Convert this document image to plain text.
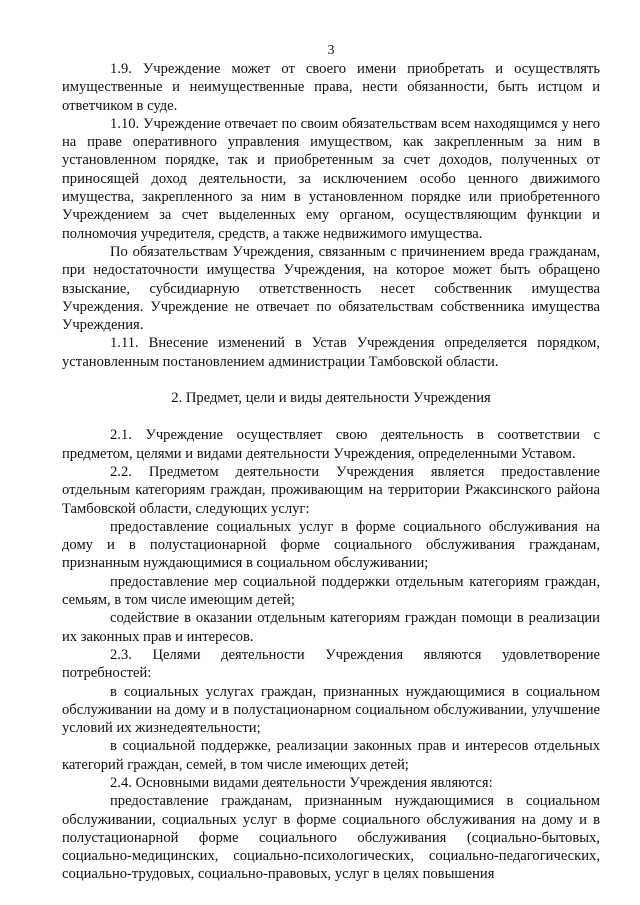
3

1.9. Учреждение может от своего имени приобретать и осуществлять имущественные и неимущественные права, нести обязанности, быть истцом и ответчиком в суде.

1.10. Учреждение отвечает по своим обязательствам всем находящимся у него на праве оперативного управления имуществом, как закрепленным за ним в установленном порядке, так и приобретенным за счет доходов, полученных от приносящей доход деятельности, за исключением особо ценного движимого имущества, закрепленного за ним в установленном порядке или приобретенного Учреждением за счет выделенных ему органом, осуществляющим функции и полномочия учредителя, средств, а также недвижимого имущества.

По обязательствам Учреждения, связанным с причинением вреда гражданам, при недостаточности имущества Учреждения, на которое может быть обращено взыскание, субсидиарную ответственность несет собственник имущества Учреждения. Учреждение не отвечает по обязательствам собственника имущества Учреждения.

1.11. Внесение изменений в Устав Учреждения определяется порядком, установленным постановлением администрации Тамбовской области.

2. Предмет, цели и виды деятельности Учреждения

2.1. Учреждение осуществляет свою деятельность в соответствии с предметом, целями и видами деятельности Учреждения, определенными Уставом.

2.2. Предметом деятельности Учреждения является предоставление отдельным категориям граждан, проживающим на территории Ржаксинского района Тамбовской области, следующих услуг:

предоставление социальных услуг в форме социального обслуживания на дому и в полустационарной форме социального обслуживания гражданам, признанным нуждающимися в социальном обслуживании;

предоставление мер социальной поддержки отдельным категориям граждан, семьям, в том числе имеющим детей;

содействие в оказании отдельным категориям граждан помощи в реализации их законных прав и интересов.

2.3. Целями деятельности Учреждения являются удовлетворение потребностей:

в социальных услугах граждан, признанных нуждающимися в социальном обслуживании на дому и в полустационарном социальном обслуживании, улучшение условий их жизнедеятельности;

в социальной поддержке, реализации законных прав и интересов отдельных категорий граждан, семей, в том числе имеющих детей;

2.4. Основными видами деятельности Учреждения являются:

предоставление гражданам, признанным нуждающимися в социальном обслуживании, социальных услуг в форме социального обслуживания на дому и в полустационарной форме социального обслуживания (социально-бытовых, социально-медицинских, социально-психологических, социально-педагогических, социально-трудовых, социально-правовых, услуг в целях повышения
